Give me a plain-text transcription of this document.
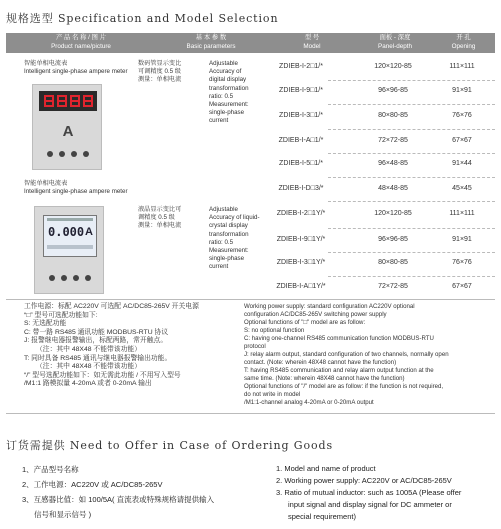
规格选型 Specification and Model Selection
产 品 名 称 / 图 片
Product name/picture
基 本 参 数
Basic parameters
型 号
Model
面板 - 深度
Panel-depth
开 孔
Opening
智能单相电流表
Intelligent single-phase ampere meter
A
数码管显示变比
可调精度 0.5 级
测量：单相电流
Adjustable
Accuracy of
digital display
transformation
ratio: 0.5
Measurement:
single-phase
current
ZDIEB-I-2□1/*	120×120-85	111×111
ZDIEB-I-9□1/*	96×96-85	91×91
ZDIEB-I-3□1/*	80×80-85	76×76
ZDIEB-I-A□1/*	72×72-85	67×67
ZDIEB-I-5□1/*	96×48-85	91×44
ZDIEB-I-D□3/*	48×48-85	45×45
智能单相电流表
Intelligent single-phase ampere meter
0.000 A
液晶显示变比可
调精度 0.5 级
测量：单相电流
Adjustable
Accuracy of liquid-
crystal display
transformation
ratio: 0.5
Measurement:
single-phase
current
ZDIEB-I-2□1Y/*	120×120-85	111×111
ZDIEB-I-9□1Y/*	96×96-85	91×91
ZDIEB-I-3□1Y/*	80×80-85	76×76
ZDIEB-I-A□1Y/*	72×72-85	67×67
工作电源：标配 AC220V 可选配 AC/DC85-265V 开关电源
“□” 型号可选配功能如下:
S: 无选配功能
C: 带一路 RS485 通讯功能 MODBUS-RTU 协议
J: 报警继电器报警输出，标配两路，常开触点。
（注：其中 48X48 不能带该功能）
T: 同时具备 RS485 通讯与继电器报警输出功能。
（注：其中 48X48 不能带该功能）
“/” 型号选配功能如下：如无需此功能 / 不用写入型号
/M1:1 路模拟量 4-20mA 或者 0-20mA 输出
Working power supply: standard configuration AC220V optional
configuration AC/DC85-265V switching power supply
Optional functions of "□" model are as follow:
S: no optional function
C: having one-channel RS485 communication function MODBUS-RTU
protocol
J: relay alarm output, standard configuration of two channels, normally open
contact. (Note: wherein 48X48 cannot have the function)
T: having RS485 communication and relay alarm output function at the
same time. (Note: wherein 48X48 cannot have the function)
Optional functions of "/" model are as follow: if the function is not required,
do not write in model
/M1:1-channel analog 4-20mA or 0-20mA output
订货需提供 Need to Offer in Case of Ordering Goods
1、产品型号名称
2、工作电源：AC220V 或 AC/DC85-265V
3、互感器比值：如 100/5A( 直流表或特殊规格请提供输入
信号和显示信号 )
1. Model and name of product
2. Working power supply: AC220V or AC/DC85-265V
3. Ratio of mutual inductor: such as 1005A (Please offer
input signal and display signal for DC ammeter or
special requirement)
